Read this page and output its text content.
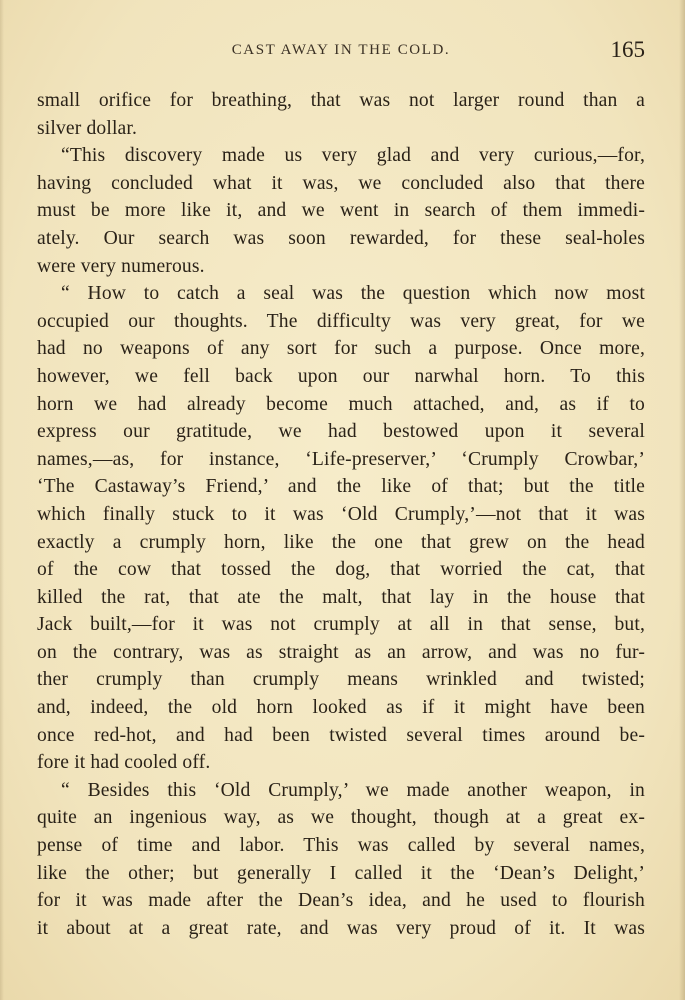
CAST AWAY IN THE COLD.	165
small orifice for breathing, that was not larger round than a
silver dollar.
“This discovery made us very glad and very curious,—for,
having concluded what it was, we concluded also that there
must be more like it, and we went in search of them immedi-
ately. Our search was soon rewarded, for these seal-holes
were very numerous.
“ How to catch a seal was the question which now most
occupied our thoughts. The difficulty was very great, for we
had no weapons of any sort for such a purpose. Once more,
however, we fell back upon our narwhal horn. To this
horn we had already become much attached, and, as if to
express our gratitude, we had bestowed upon it several
names,—as, for instance, ‘Life-preserver,’ ‘Crumply Crowbar,’
‘The Castaway’s Friend,’ and the like of that; but the title
which finally stuck to it was ‘Old Crumply,’—not that it was
exactly a crumply horn, like the one that grew on the head
of the cow that tossed the dog, that worried the cat, that
killed the rat, that ate the malt, that lay in the house that
Jack built,—for it was not crumply at all in that sense, but,
on the contrary, was as straight as an arrow, and was no fur-
ther crumply than crumply means wrinkled and twisted;
and, indeed, the old horn looked as if it might have been
once red-hot, and had been twisted several times around be-
fore it had cooled off.
“ Besides this ‘Old Crumply,’ we made another weapon, in
quite an ingenious way, as we thought, though at a great ex-
pense of time and labor. This was called by several names,
like the other; but generally I called it the ‘Dean’s Delight,’
for it was made after the Dean’s idea, and he used to flourish
it about at a great rate, and was very proud of it. It was
